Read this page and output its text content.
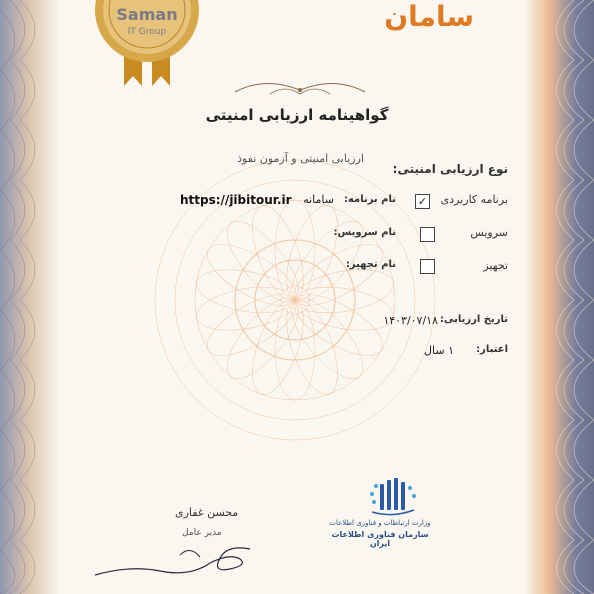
Saman
IT Group	سامان
گواهینامه ارزیابی امنیتی
نوع ارزیابی امنیتی:
ارزیابی امنیتی و آزمون نفوذ
برنامه کاربردی
✓
نام برنامه:
سامانه
https://jibitour.ir
سرویس
نام سرویس:
تجهیز
نام تجهیز:
تاریخ ارزیابی:
۱۴۰۳/۰۷/۱۸
اعتبار:
۱ سال
وزارت ارتباطات و فناوری اطلاعات
سازمان فناوری اطلاعات ایران
محسن غفاری
مدیر عامل
